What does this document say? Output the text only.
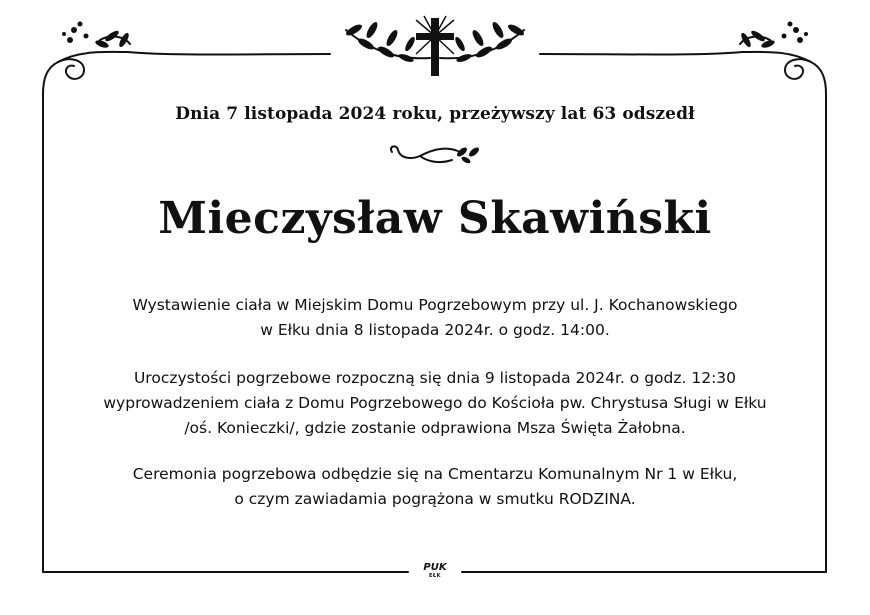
Dnia 7 listopada 2024 roku, przeżywszy lat 63 odszedł
Mieczysław Skawiński
Wystawienie ciała w Miejskim Domu Pogrzebowym przy ul. J. Kochanowskiego
w Ełku dnia 8 listopada 2024r. o godz. 14:00.
Uroczystości pogrzebowe rozpoczną się dnia 9 listopada 2024r. o godz. 12:30
wyprowadzeniem ciała z Domu Pogrzebowego do Kościoła pw. Chrystusa Sługi w Ełku
/oś. Konieczki/, gdzie zostanie odprawiona Msza Święta Żałobna.
Ceremonia pogrzebowa odbędzie się na Cmentarzu Komunalnym Nr 1 w Ełku,
o czym zawiadamia pogrążona w smutku RODZINA.
PUK
EŁK
